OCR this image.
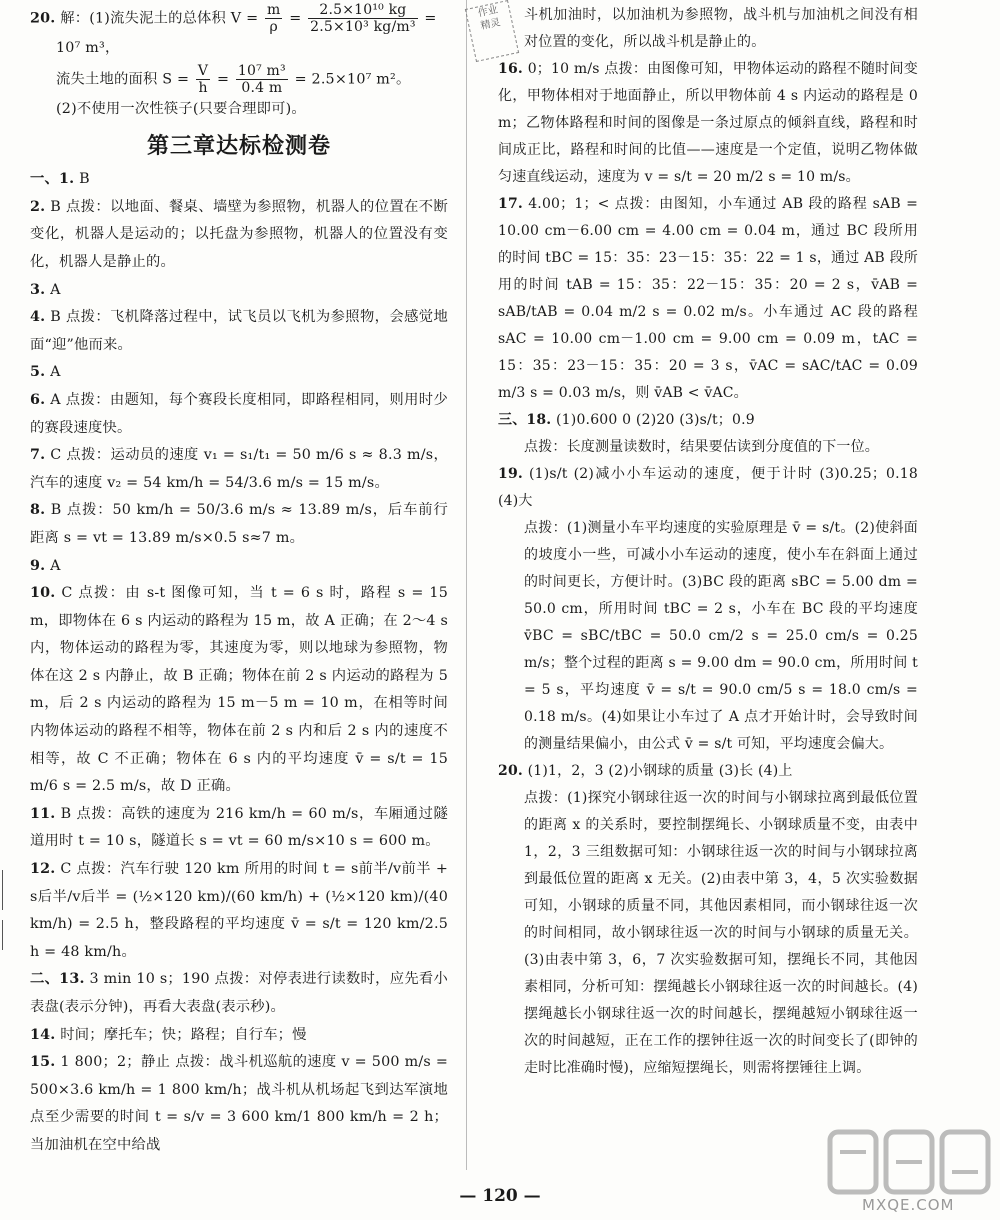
20. 解：(1)流失泥土的总体积 $V = \frac{m}{\rho} = \frac{\text{2.5×10¹⁰ kg}}{\text{2.5×10³ kg/m³}}$ =
10⁷ m³，
流失土地的面积 $S = \frac{V}{h} = \frac{\text{10⁷ m³}}{0.4 m} = 2.5\times 10^7$ m²。
(2)不使用一次性筷子(只要合理即可)。
第三章达标检测卷
一、1. B
2. B 点拨：以地面、餐桌、墙壁为参照物，机器人的位置在不断变化，机器人是运动的；以托盘为参照物，机器人的位置没有变化，机器人是静止的。
3. A
4. B 点拨：飞机降落过程中，试飞员以飞机为参照物，会感觉地面“迎”他而来。
5. A
6. A 点拨：由题知，每个赛段长度相同，即路程相同，则用时少的赛段速度快。
7. C 点拨：运动员的速度 v₁ = s₁/t₁ = 50 m/6 s ≈ 8.3 m/s，汽车的速度 v₂ = 54 km/h = 54/3.6 m/s = 15 m/s。
8. B 点拨：50 km/h = 50/3.6 m/s ≈ 13.89 m/s，后车前行距离 s = vt = 13.89 m/s×0.5 s≈7 m。
9. A
10. C 点拨：由 s-t 图像可知，当 t = 6 s 时，路程 s = 15 m，即物体在 6 s 内运动的路程为 15 m，故 A 正确；在 2～4 s 内，物体运动的路程为零，其速度为零，则以地球为参照物，物体在这 2 s 内静止，故 B 正确；物体在前 2 s 内运动的路程为 5 m，后 2 s 内运动的路程为 15 m－5 m = 10 m，在相等时间内物体运动的路程不相等，物体在前 2 s 内和后 2 s 内的速度不相等，故 C 不正确；物体在 6 s 内的平均速度 v̄ = s/t = 15 m/6 s = 2.5 m/s，故 D 正确。
11. B 点拨：高铁的速度为 216 km/h = 60 m/s，车厢通过隧道用时 t = 10 s，隧道长 s = vt = 60 m/s×10 s = 600 m。
12. C 点拨：汽车行驶 120 km 所用的时间 t = s前半/v前半 + s后半/v后半 = (½×120 km)/(60 km/h) + (½×120 km)/(40 km/h) = 2.5 h，整段路程的平均速度 v̄ = s/t = 120 km/2.5 h = 48 km/h。
二、13. 3 min 10 s；190 点拨：对停表进行读数时，应先看小表盘(表示分钟)，再看大表盘(表示秒)。
14. 时间；摩托车；快；路程；自行车；慢
15. 1 800；2；静止 点拨：战斗机巡航的速度 v = 500 m/s = 500×3.6 km/h = 1 800 km/h；战斗机从机场起飞到达军演地点至少需要的时间 t = s/v = 3 600 km/1 800 km/h = 2 h；当加油机在空中给战
作业
精灵
斗机加油时，以加油机为参照物，战斗机与加油机之间没有相对位置的变化，所以战斗机是静止的。
16. 0；10 m/s 点拨：由图像可知，甲物体运动的路程不随时间变化，甲物体相对于地面静止，所以甲物体前 4 s 内运动的路程是 0 m；乙物体路程和时间的图像是一条过原点的倾斜直线，路程和时间成正比，路程和时间的比值——速度是一个定值，说明乙物体做匀速直线运动，速度为 v = s/t = 20 m/2 s = 10 m/s。
17. 4.00；1；< 点拨：由图知，小车通过 AB 段的路程 sAB = 10.00 cm－6.00 cm = 4.00 cm = 0.04 m，通过 BC 段所用的时间 tBC = 15：35：23－15：35：22 = 1 s，通过 AB 段所用的时间 tAB = 15：35：22－15：35：20 = 2 s，v̄AB = sAB/tAB = 0.04 m/2 s = 0.02 m/s。小车通过 AC 段的路程 sAC = 10.00 cm－1.00 cm = 9.00 cm = 0.09 m，tAC = 15：35：23－15：35：20 = 3 s，v̄AC = sAC/tAC = 0.09 m/3 s = 0.03 m/s，则 v̄AB < v̄AC。
三、18. (1)0.600 0 (2)20 (3)s/t；0.9
点拨：长度测量读数时，结果要估读到分度值的下一位。
19. (1)s/t (2)减小小车运动的速度，便于计时 (3)0.25；0.18 (4)大
点拨：(1)测量小车平均速度的实验原理是 v̄ = s/t。(2)使斜面的坡度小一些，可减小小车运动的速度，使小车在斜面上通过的时间更长，方便计时。(3)BC 段的距离 sBC = 5.00 dm = 50.0 cm，所用时间 tBC = 2 s，小车在 BC 段的平均速度 v̄BC = sBC/tBC = 50.0 cm/2 s = 25.0 cm/s = 0.25 m/s；整个过程的距离 s = 9.00 dm = 90.0 cm，所用时间 t = 5 s，平均速度 v̄ = s/t = 90.0 cm/5 s = 18.0 cm/s = 0.18 m/s。(4)如果让小车过了 A 点才开始计时，会导致时间的测量结果偏小，由公式 v̄ = s/t 可知，平均速度会偏大。
20. (1)1，2，3 (2)小钢球的质量 (3)长 (4)上
点拨：(1)探究小钢球往返一次的时间与小钢球拉离到最低位置的距离 x 的关系时，要控制摆绳长、小钢球质量不变，由表中 1，2，3 三组数据可知：小钢球往返一次的时间与小钢球拉离到最低位置的距离 x 无关。(2)由表中第 3，4，5 次实验数据可知，小钢球的质量不同，其他因素相同，而小钢球往返一次的时间相同，故小钢球往返一次的时间与小钢球的质量无关。(3)由表中第 3，6，7 次实验数据可知，摆绳长不同，其他因素相同，分析可知：摆绳越长小钢球往返一次的时间越长。(4)摆绳越长小钢球往返一次的时间越长，摆绳越短小钢球往返一次的时间越短，正在工作的摆钟往返一次的时间变长了(即钟的走时比准确时慢)，应缩短摆绳长，则需将摆锤往上调。
— 120 —	MXQE.COM
